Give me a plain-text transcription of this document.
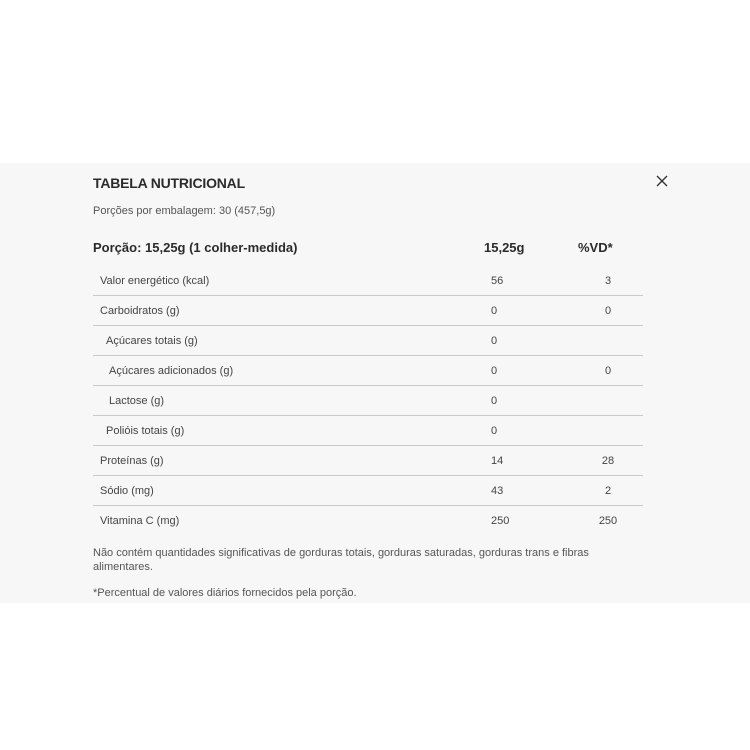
TABELA NUTRICIONAL
Porções por embalagem: 30 (457,5g)
Porção: 15,25g (1 colher-medida)	15,25g	%VD*
Valor energético (kcal)	56	3
Carboidratos (g)	0	0
Açúcares totais (g)	0
Açúcares adicionados (g)	0	0
Lactose (g)	0
Polióis totais (g)	0
Proteínas (g)	14	28
Sódio (mg)	43	2
Vitamina C (mg)	250	250
Não contém quantidades significativas de gorduras totais, gorduras saturadas, gorduras trans e fibras alimentares.
*Percentual de valores diários fornecidos pela porção.
